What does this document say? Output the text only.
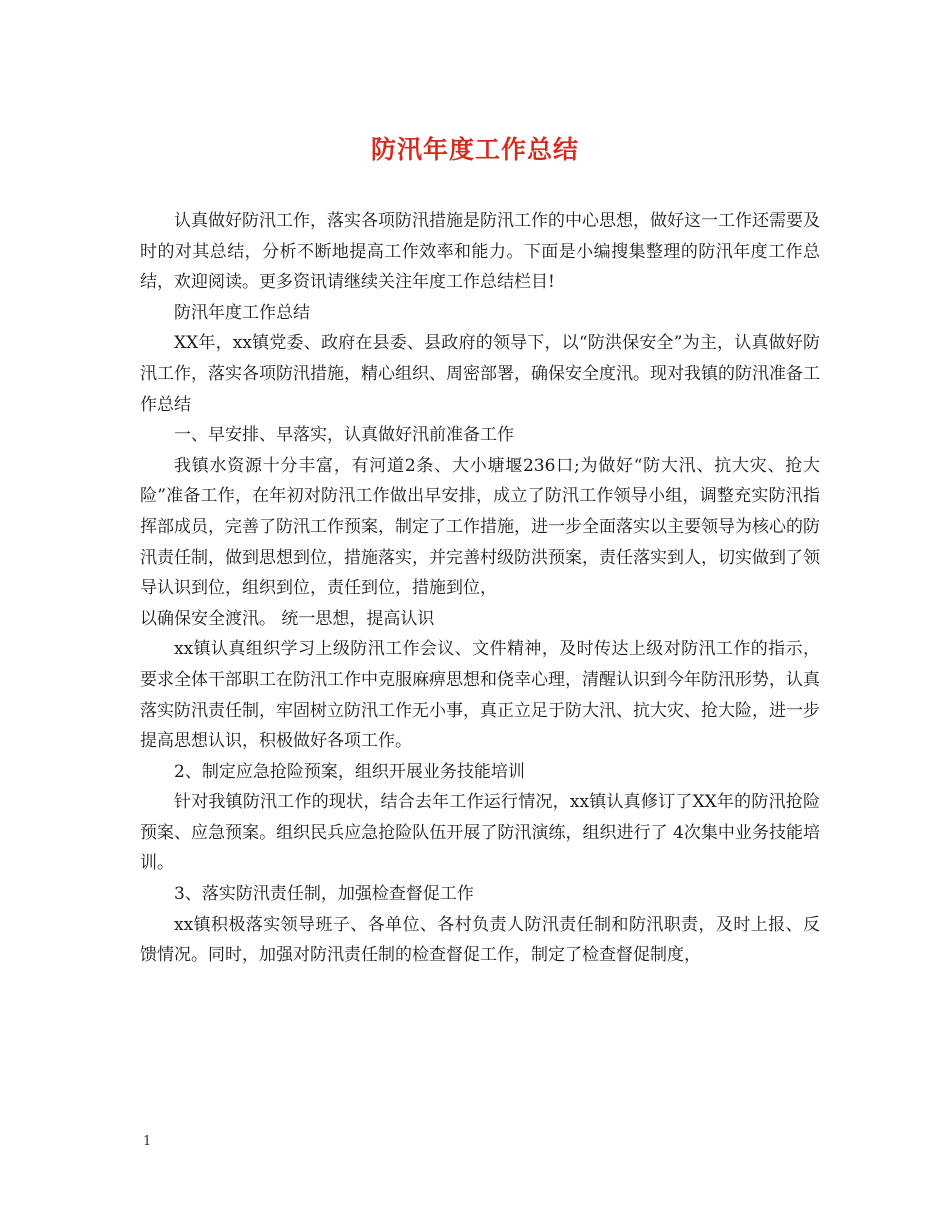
防汛年度工作总结

认真做好防汛工作，落实各项防汛措施是防汛工作的中心思想，做好这一工作还需要及时的对其总结，分析不断地提高工作效率和能力。下面是小编搜集整理的防汛年度工作总结，欢迎阅读。更多资讯请继续关注年度工作总结栏目!

防汛年度工作总结

XX年，xx镇党委、政府在县委、县政府的领导下，以“防洪保安全”为主，认真做好防汛工作，落实各项防汛措施，精心组织、周密部署，确保安全度汛。现对我镇的防汛准备工作总结

一、早安排、早落实，认真做好汛前准备工作

我镇水资源十分丰富，有河道2条、大小塘堰236口;为做好“防大汛、抗大灾、抢大险”准备工作，在年初对防汛工作做出早安排，成立了防汛工作领导小组，调整充实防汛指挥部成员，完善了防汛工作预案，制定了工作措施，进一步全面落实以主要领导为核心的防汛责任制，做到思想到位，措施落实，并完善村级防洪预案，责任落实到人，切实做到了领导认识到位，组织到位，责任到位，措施到位，

以确保安全渡汛。 统一思想，提高认识

xx镇认真组织学习上级防汛工作会议、文件精神，及时传达上级对防汛工作的指示，要求全体干部职工在防汛工作中克服麻痹思想和侥幸心理，清醒认识到今年防汛形势，认真落实防汛责任制，牢固树立防汛工作无小事，真正立足于防大汛、抗大灾、抢大险，进一步提高思想认识，积极做好各项工作。

2、制定应急抢险预案，组织开展业务技能培训

针对我镇防汛工作的现状，结合去年工作运行情况，xx镇认真修订了XX年的防汛抢险预案、应急预案。组织民兵应急抢险队伍开展了防汛演练，组织进行了 4次集中业务技能培训。

3、落实防汛责任制，加强检查督促工作

xx镇积极落实领导班子、各单位、各村负责人防汛责任制和防汛职责，及时上报、反馈情况。同时，加强对防汛责任制的检查督促工作，制定了检查督促制度，

1
